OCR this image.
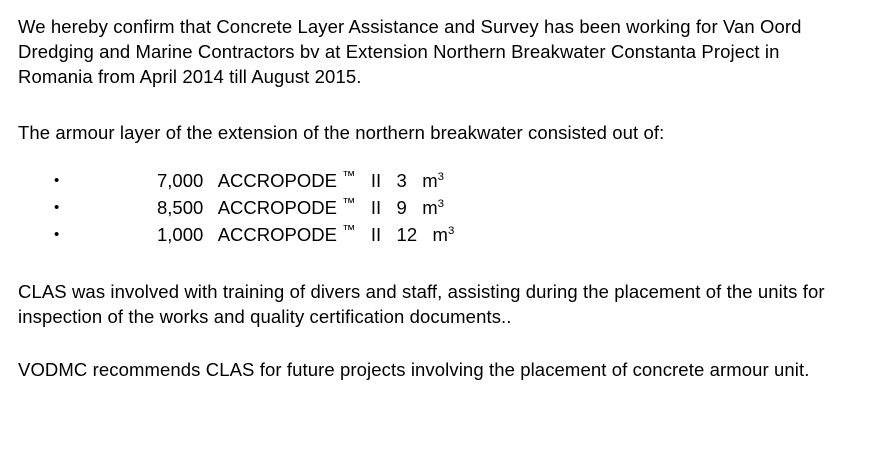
We hereby confirm that Concrete Layer Assistance and Survey has been working for Van Oord Dredging and Marine Contractors bv at Extension Northern Breakwater Constanta Project in Romania from April 2014 till August 2015.

The armour layer of the extension of the northern breakwater consisted out of:

•	7,000 ACCROPODE ™ II 3 $m^3$
•	8,500 ACCROPODE ™ II 9 $m^3$
•	1,000 ACCROPODE ™ II 12 $m^3$

CLAS was involved with training of divers and staff, assisting during the placement of the units for inspection of the works and quality certification documents..

VODMC recommends CLAS for future projects involving the placement of concrete armour unit.
